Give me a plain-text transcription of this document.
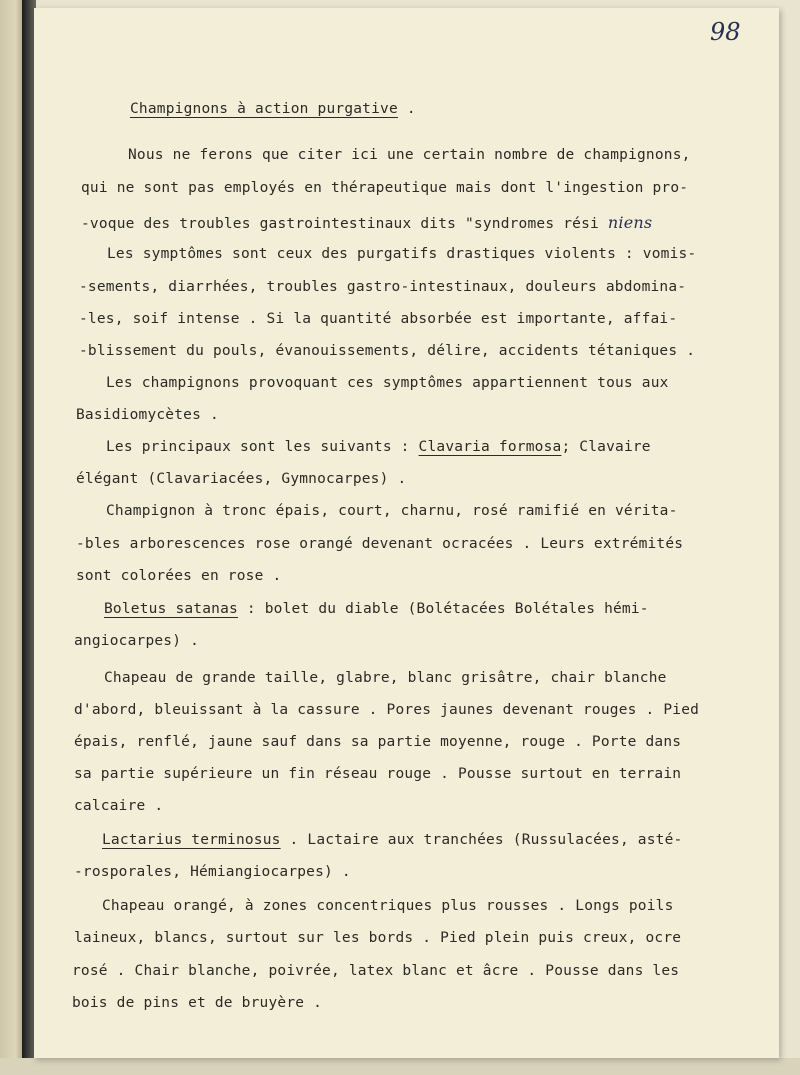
98
Champignons à action purgative .
Nous ne ferons que citer ici une certain nombre de champignons,
qui ne sont pas employés en thérapeutique mais dont l'ingestion pro-
-voque des troubles gastrointestinaux dits "syndromes rési niens
Les symptômes sont ceux des purgatifs drastiques violents : vomis-
-sements, diarrhées, troubles gastro-intestinaux, douleurs abdomina-
-les, soif intense . Si la quantité absorbée est importante, affai-
-blissement du pouls, évanouissements, délire, accidents tétaniques .
Les champignons provoquant ces symptômes appartiennent tous aux
Basidiomycètes .
Les principaux sont les suivants : Clavaria formosa; Clavaire
élégant (Clavariacées, Gymnocarpes) .
Champignon à tronc épais, court, charnu, rosé ramifié en vérita-
-bles arborescences rose orangé devenant ocracées . Leurs extrémités
sont colorées en rose .
Boletus satanas : bolet du diable (Bolétacées Bolétales hémi-
angiocarpes) .
Chapeau de grande taille, glabre, blanc grisâtre, chair blanche
d'abord, bleuissant à la cassure . Pores jaunes devenant rouges . Pied
épais, renflé, jaune sauf dans sa partie moyenne, rouge . Porte dans
sa partie supérieure un fin réseau rouge . Pousse surtout en terrain
calcaire .
Lactarius terminosus . Lactaire aux tranchées (Russulacées, asté-
-rosporales, Hémiangiocarpes) .
Chapeau orangé, à zones concentriques plus rousses . Longs poils
laineux, blancs, surtout sur les bords . Pied plein puis creux, ocre
rosé . Chair blanche, poivrée, latex blanc et âcre . Pousse dans les
bois de pins et de bruyère .
